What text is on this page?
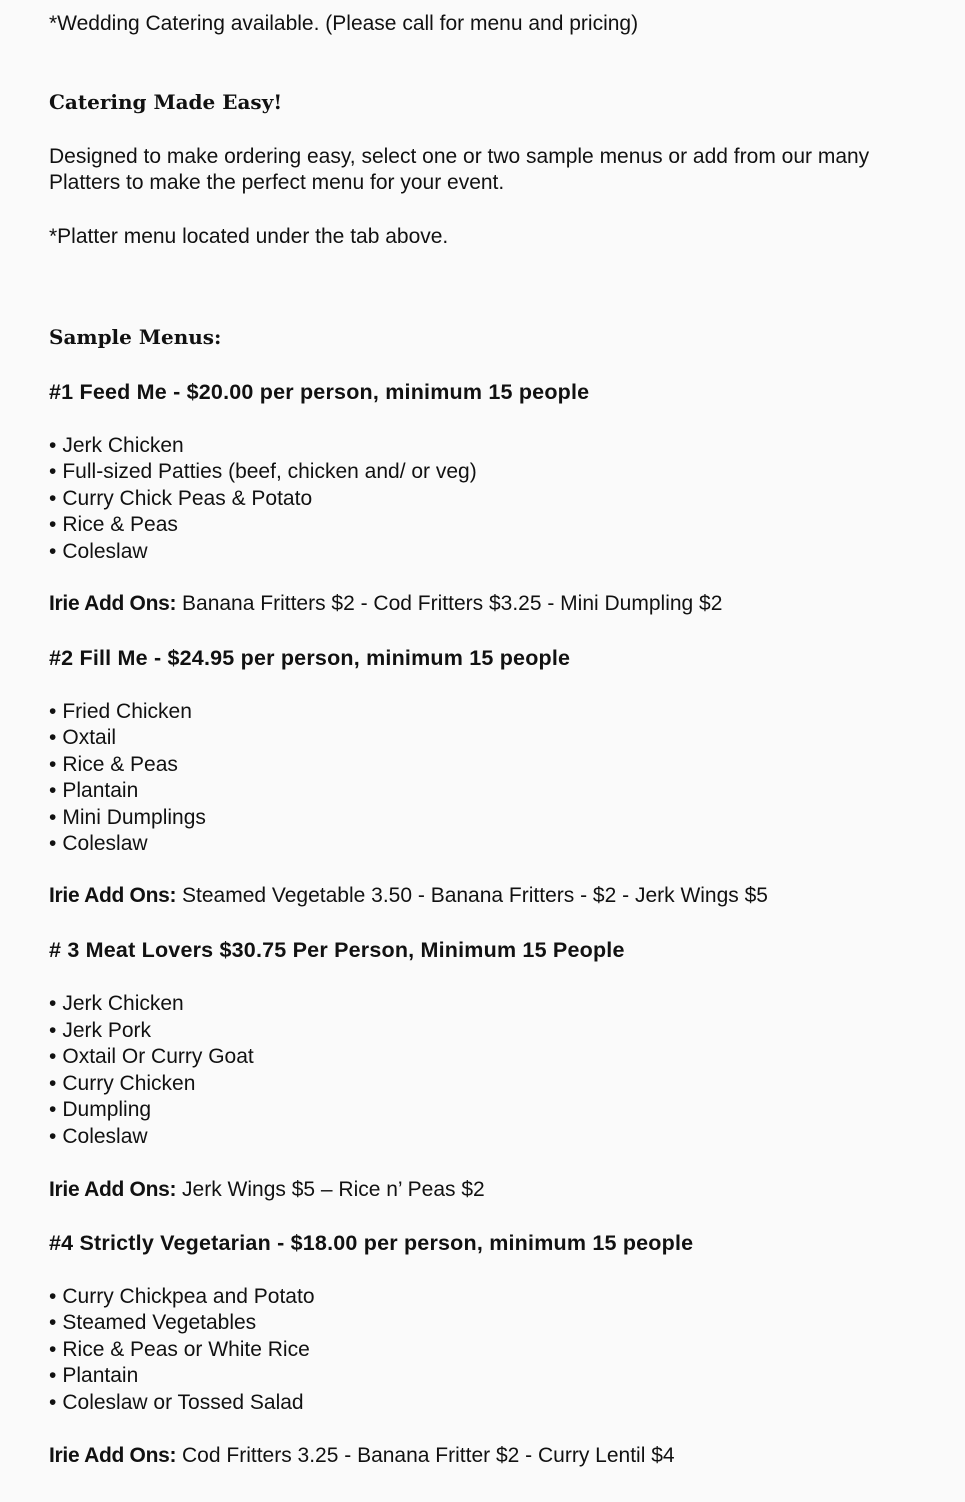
*Wedding Catering available. (Please call for menu and pricing)

Catering Made Easy!

Designed to make ordering easy, select one or two sample menus or add from our many Platters to make the perfect menu for your event.

*Platter menu located under the tab above.

Sample Menus:
#1 Feed Me - $20.00 per person, minimum 15 people
• Jerk Chicken
• Full-sized Patties (beef, chicken and/ or veg)
• Curry Chick Peas & Potato
• Rice & Peas
• Coleslaw

Irie Add Ons: Banana Fritters $2 - Cod Fritters $3.25 - Mini Dumpling $2

#2 Fill Me - $24.95 per person, minimum 15 people
• Fried Chicken
• Oxtail
• Rice & Peas
• Plantain
• Mini Dumplings
• Coleslaw

Irie Add Ons: Steamed Vegetable 3.50 - Banana Fritters - $2 - Jerk Wings $5

# 3 Meat Lovers $30.75 Per Person, Minimum 15 People
• Jerk Chicken
• Jerk Pork
• Oxtail Or Curry Goat
• Curry Chicken
• Dumpling
• Coleslaw

Irie Add Ons: Jerk Wings $5 – Rice n’ Peas $2

#4 Strictly Vegetarian - $18.00 per person, minimum 15 people
• Curry Chickpea and Potato
• Steamed Vegetables
• Rice & Peas or White Rice
• Plantain
• Coleslaw or Tossed Salad

Irie Add Ons: Cod Fritters 3.25 - Banana Fritter $2 - Curry Lentil $4
